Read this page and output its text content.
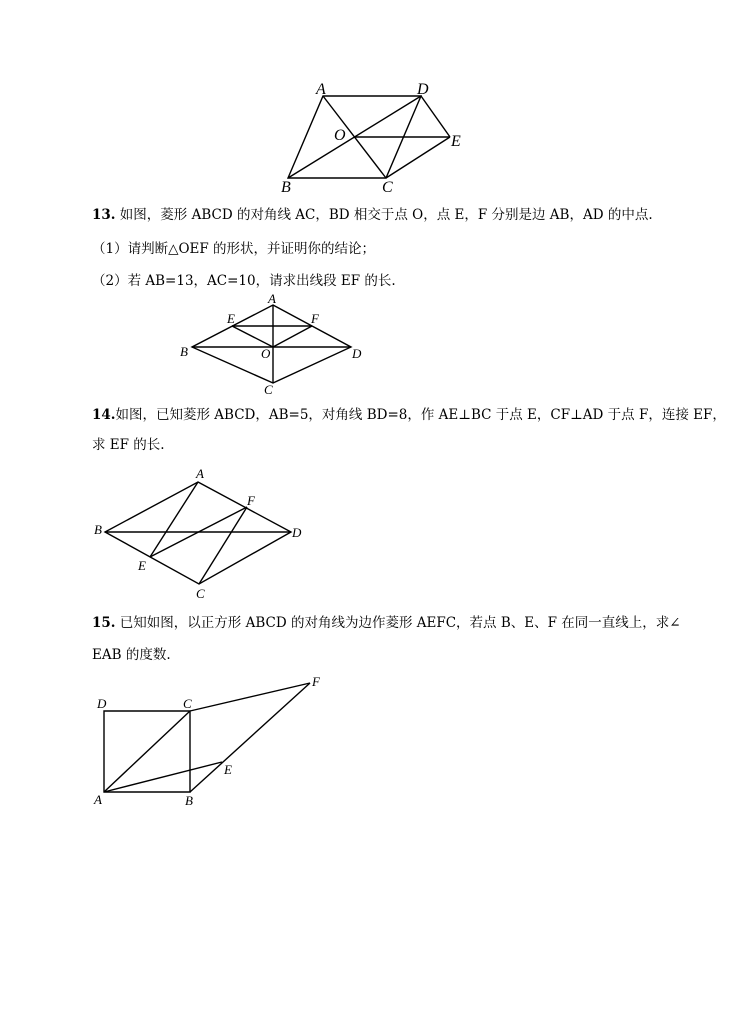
A	D
O	E
B	C
13. 如图，菱形 ABCD 的对角线 AC，BD 相交于点 O，点 E，F 分别是边 AB，AD 的中点.
（1）请判断△OEF 的形状，并证明你的结论；
（2）若 AB=13，AC=10，请求出线段 EF 的长.
A
E	F
B	O	D
C
14.如图，已知菱形 ABCD，AB=5，对角线 BD=8，作 AE⊥BC 于点 E，CF⊥AD 于点 F，连接 EF，
求 EF 的长.
A
F
B	D
E
C
15. 已知如图，以正方形 ABCD 的对角线为边作菱形 AEFC，若点 B、E、F 在同一直线上，求∠
EAB 的度数.
D	C
F
E
A	B
